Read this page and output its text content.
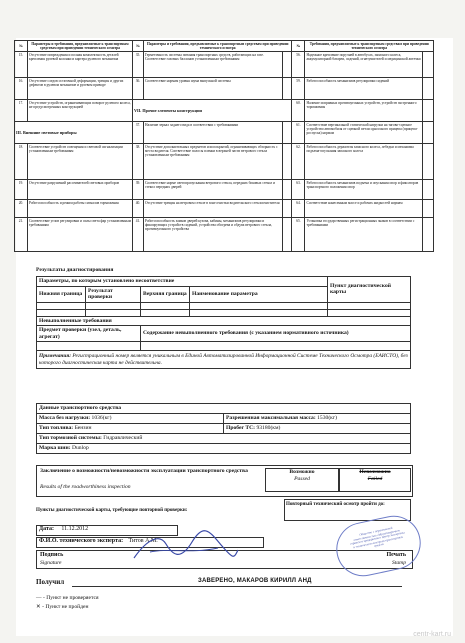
№	Параметры и требования, предъявляемые к транспортным средствам при проведении технического осмотра	№	Параметры и требования, предъявляемые к транспортным средствам при проведении технического осмотра		№	Требования, предъявляемые к транспортным средствам при проведении технического осмотра	
15.	Отсутствие повреждения и полная комплектность деталей крепления рулевой колонки и картера рулевого механизма	35.	Герметичность системы питания транспортных средств, работающих на газе. Соответствие газовых баллонов установленным требованиям		56.	Надежное крепление поручней в автобусах, запасного колеса, аккумуляторной батареи, сидений, огнетушителей и медицинской аптечки	
16.	Отсутствие следов остаточной деформации, трещин и других дефектов в рулевом механизме и рулевом приводе	36.	Соответствие нормам уровня шума выпускной системы		59.	Работоспособность механизмов регулировки сидений	
17.	Отсутствие устройств, ограничивающих поворот рулевого колеса, не предусмотренных конструкцией	VII. Прочие элементы конструкции			60.	Наличие исправных противоугонных устройств, устройств экстренного торможения	
III. Внешние световые приборы		37.	Наличие зеркал заднего вида в соответствии с требованиями		61.	Соответствие вертикальной статической нагрузки на тягово-сцепное устройство автомобиля от сцепной петли одноосного прицепа (прицепа-роспуска) нормам	
18.	Соответствие устройств освещения и световой сигнализации установленным требованиям	38.	Отсутствие дополнительных предметов или покрытий, ограничивающих обзорность с места водителя. Соответствие полосы пленки в верхней части ветрового стекла установленным требованиям		62.	Работоспособность держателя запасного колеса, лебедки и механизма подъема-опускания запасного колеса	
19.	Отсутствие разрушений рассеивателей световых приборов	39.	Соответствие норме светопропускания ветрового стекла, передних боковых стекол и стекол передних дверей		63.	Работоспособность механизмов подъема и опускания опор и фиксаторов транспортного положения опор	
20.	Работоспособность и режим работы сигналов торможения	40.	Отсутствие трещин на ветровом стекле в зоне очистки водительского стеклоочистителя		64.	Соответствие нанесенным массе и рабочих жидкостей нормам	
21.	Соответствие углов регулировки и силы света фар установленным требованиям	41.	Работоспособность замков дверей кузова, кабины, механизмов регулировки и фиксирующих устройств сидений, устройства обогрева и обдува ветрового стекла, противоугонного устройства		65.	Установка государственных регистрационных знаков в соответствии с требованиями	
Результаты диагностирования
Параметры, по которым установлено несоответствие				Пункт диагностической карты
Нижняя граница	Результат проверки	Верхняя граница	Наименование параметра	

Невыполненные требования				
Предмет проверки (узел, деталь, агрегат)		Содержание невыполненного требования (с указанием нормативного источника)		

Примечания: Регистрационный номер является уникальным в Единой Автоматизированной Информационной Системе Технического Осмотра (ЕАИСТО), без которого диагностическая карта не действительна.				
Данные транспортного средства	
Масса без нагрузки: 1036(кг)	Разрешенная максимальная масса: 1530(кг)
Тип топлива: Бензин	Пробег ТС: 93180(км)
Тип тормозной системы: Гидравлический	
Марка шин: Dunlop	
Заключение о возможности/невозможности эксплуатации транспортного средства
Results of the roadworthiness inspection
Возможно
Passed
Невозможно
Failed
Пункты диагностической карты, требующие повторной проверки:
Повторный технический осмотр пройти до:
Дата: 11.12.2012
Ф.И.О. технического эксперта: Титов А.М.
Подпись
Signature
Печать
Stamp
Получил	ЗАВЕРЕНО, МАКАРОВ КИРИЛЛ АНД
— - Пункт не проверяется
✕ - Пункт не пройден
Общество с ограниченной ответственностью «Мультимарочное сервисное предприятие» Центр экспертизы и технического контроля транспортных средств
centr-kart.ru
